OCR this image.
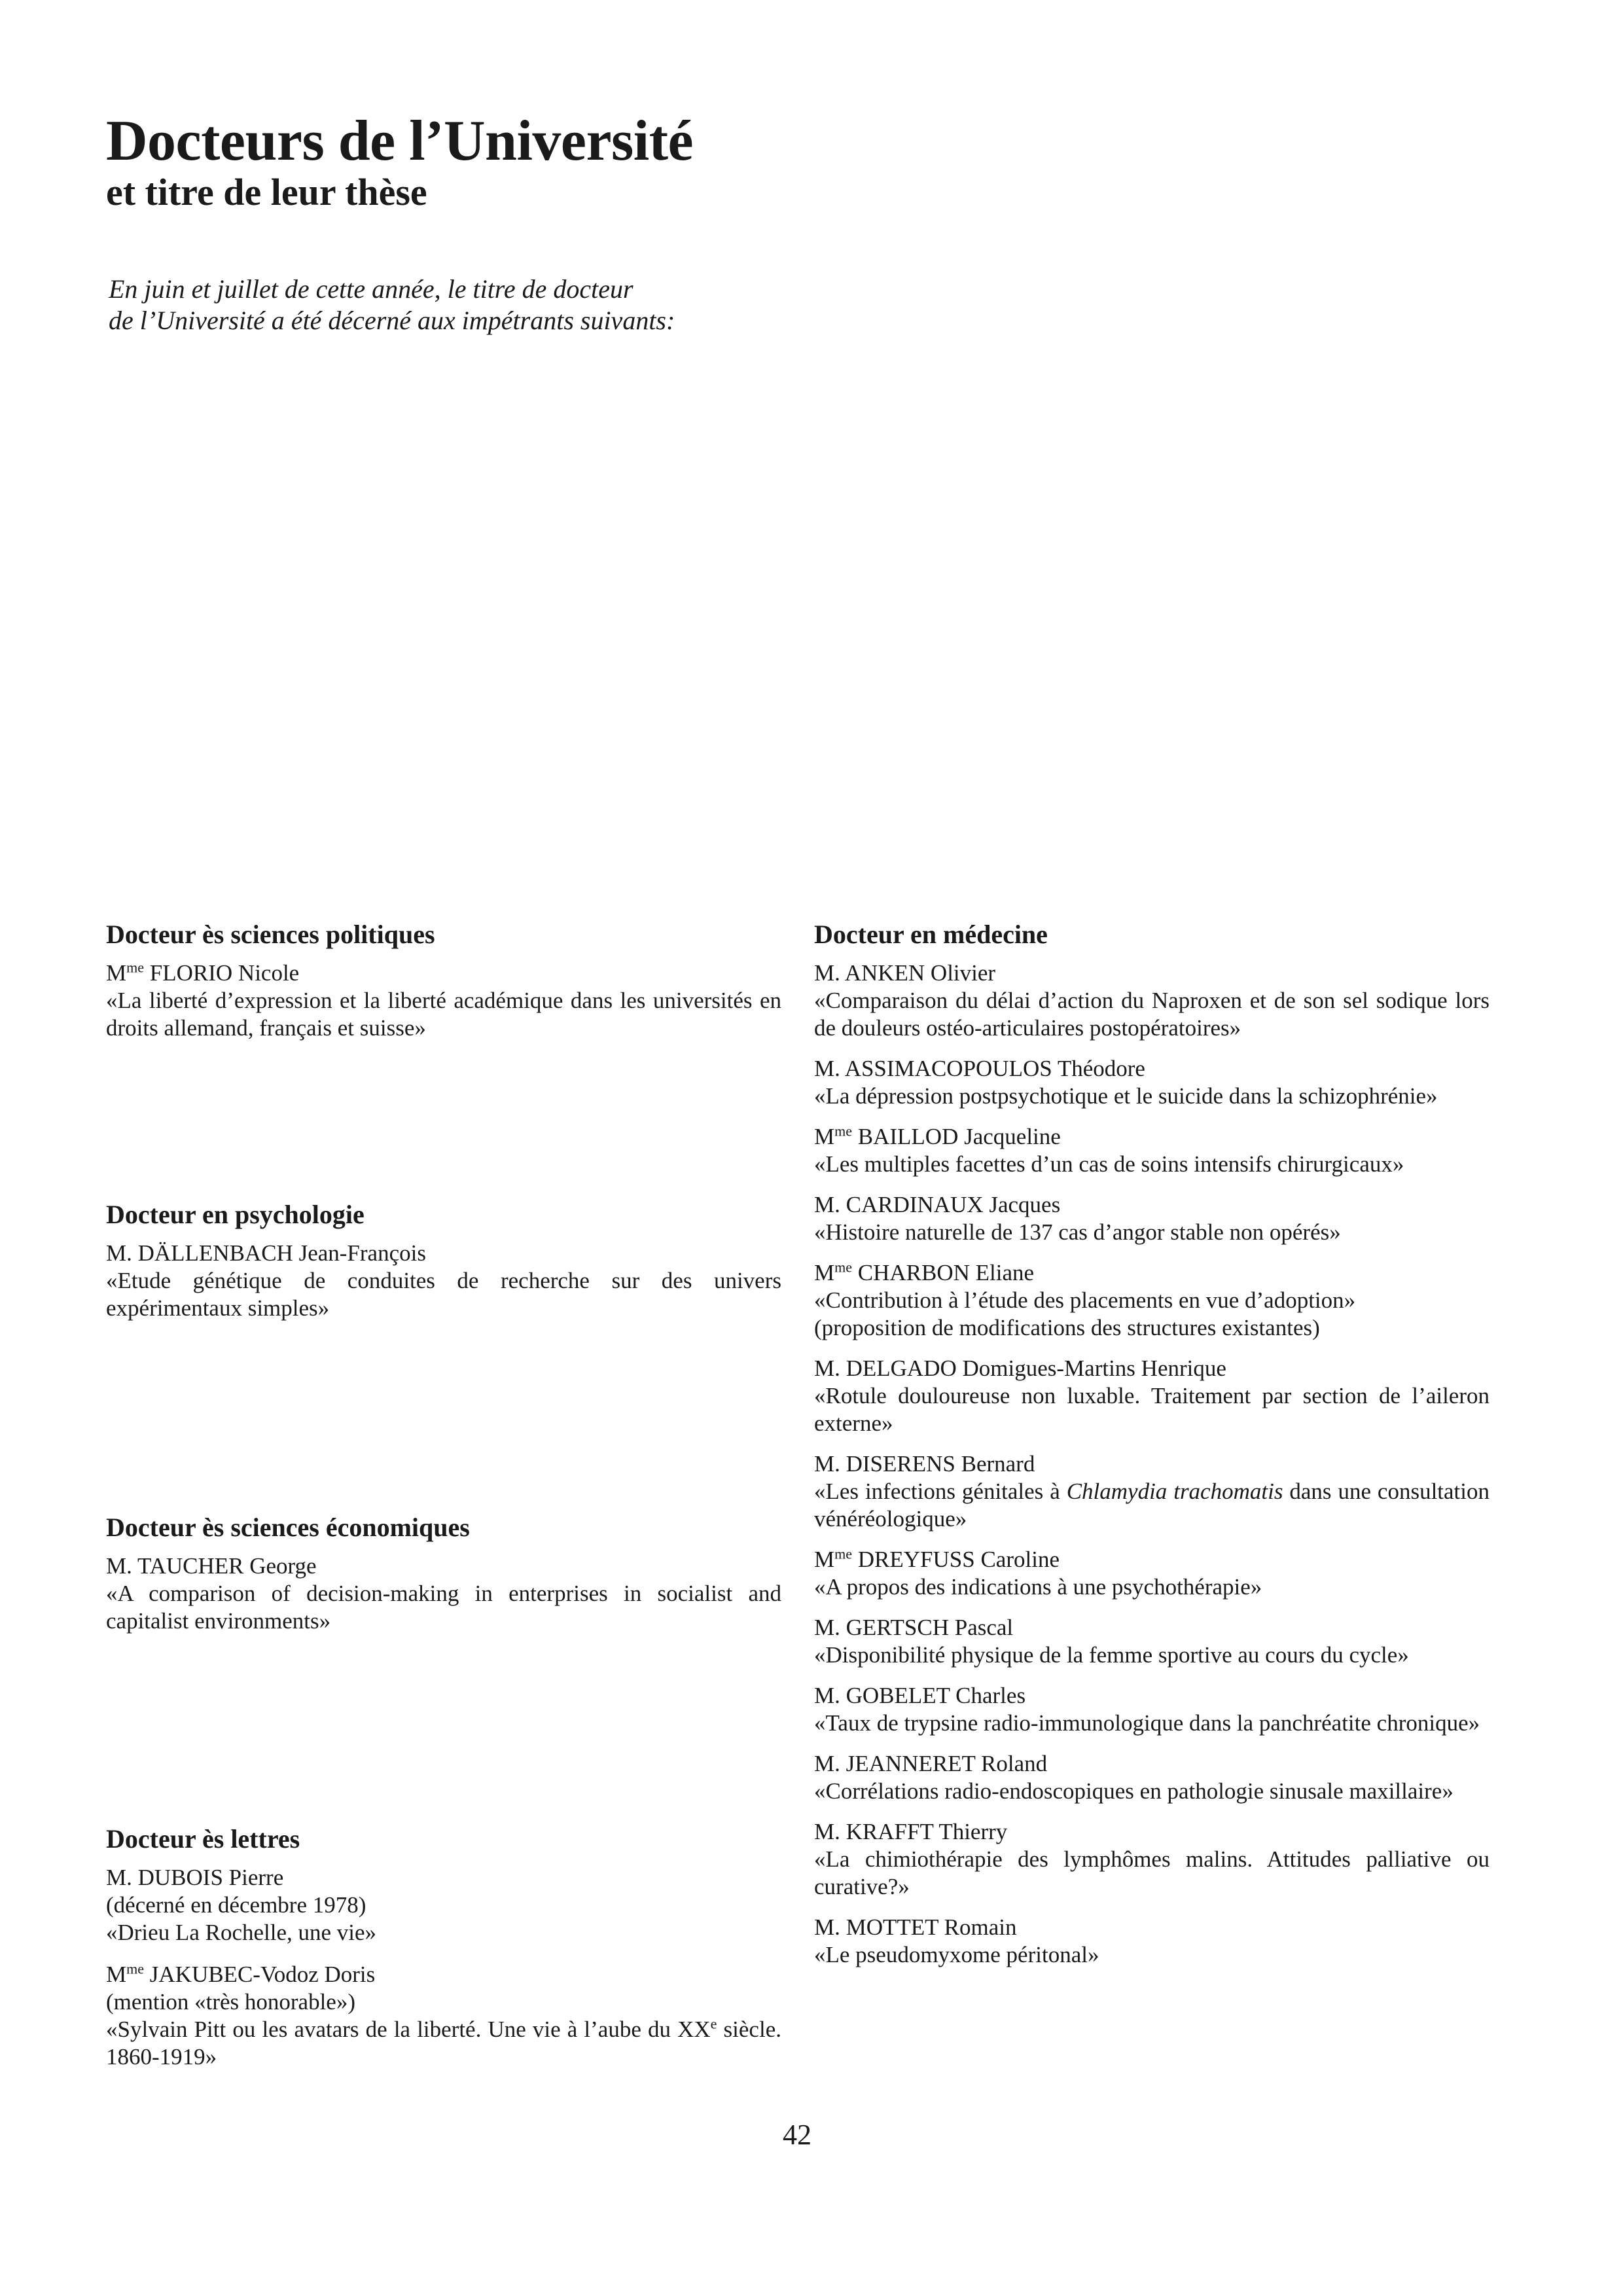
Docteurs de l’Université
et titre de leur thèse

En juin et juillet de cette année, le titre de docteur
de l’Université a été décerné aux impétrants suivants:

Docteur ès sciences politiques
$M^{me}$ FLORIO Nicole
«La liberté d’expression et la liberté académique dans les universités en droits allemand, français et suisse»
Docteur en psychologie
M. DÄLLENBACH Jean-François
«Etude génétique de conduites de recherche sur des univers expérimentaux simples»
Docteur ès sciences économiques
M. TAUCHER George
«A comparison of decision-making in enterprises in socialist and capitalist environments»
Docteur ès lettres
M. DUBOIS Pierre
(décerné en décembre 1978)
«Drieu La Rochelle, une vie»
$M^{me}$ JAKUBEC-Vodoz Doris
(mention «très honorable»)
«Sylvain Pitt ou les avatars de la liberté. Une vie à l’aube du XXe siècle. 1860-1919»
Docteur en médecine
M. ANKEN Olivier
«Comparaison du délai d’action du Naproxen et de son sel sodique lors de douleurs ostéo-articulaires postopératoires»
M. ASSIMACOPOULOS Théodore
«La dépression postpsychotique et le suicide dans la schizophrénie»
$M^{me}$ BAILLOD Jacqueline
«Les multiples facettes d’un cas de soins intensifs chirurgicaux»
M. CARDINAUX Jacques
«Histoire naturelle de 137 cas d’angor stable non opérés»
$M^{me}$ CHARBON Eliane
«Contribution à l’étude des placements en vue d’adoption»
(proposition de modifications des structures existantes)
M. DELGADO Domigues-Martins Henrique
«Rotule douloureuse non luxable. Traitement par section de l’aileron externe»
M. DISERENS Bernard
«Les infections génitales à Chlamydia trachomatis dans une consultation vénéréologique»
$M^{me}$ DREYFUSS Caroline
«A propos des indications à une psychothérapie»
M. GERTSCH Pascal
«Disponibilité physique de la femme sportive au cours du cycle»
M. GOBELET Charles
«Taux de trypsine radio-immunologique dans la panchréatite chronique»
M. JEANNERET Roland
«Corrélations radio-endoscopiques en pathologie sinusale maxillaire»
M. KRAFFT Thierry
«La chimiothérapie des lymphômes malins. Attitudes palliative ou curative?»
M. MOTTET Romain
«Le pseudomyxome péritonal»
42
